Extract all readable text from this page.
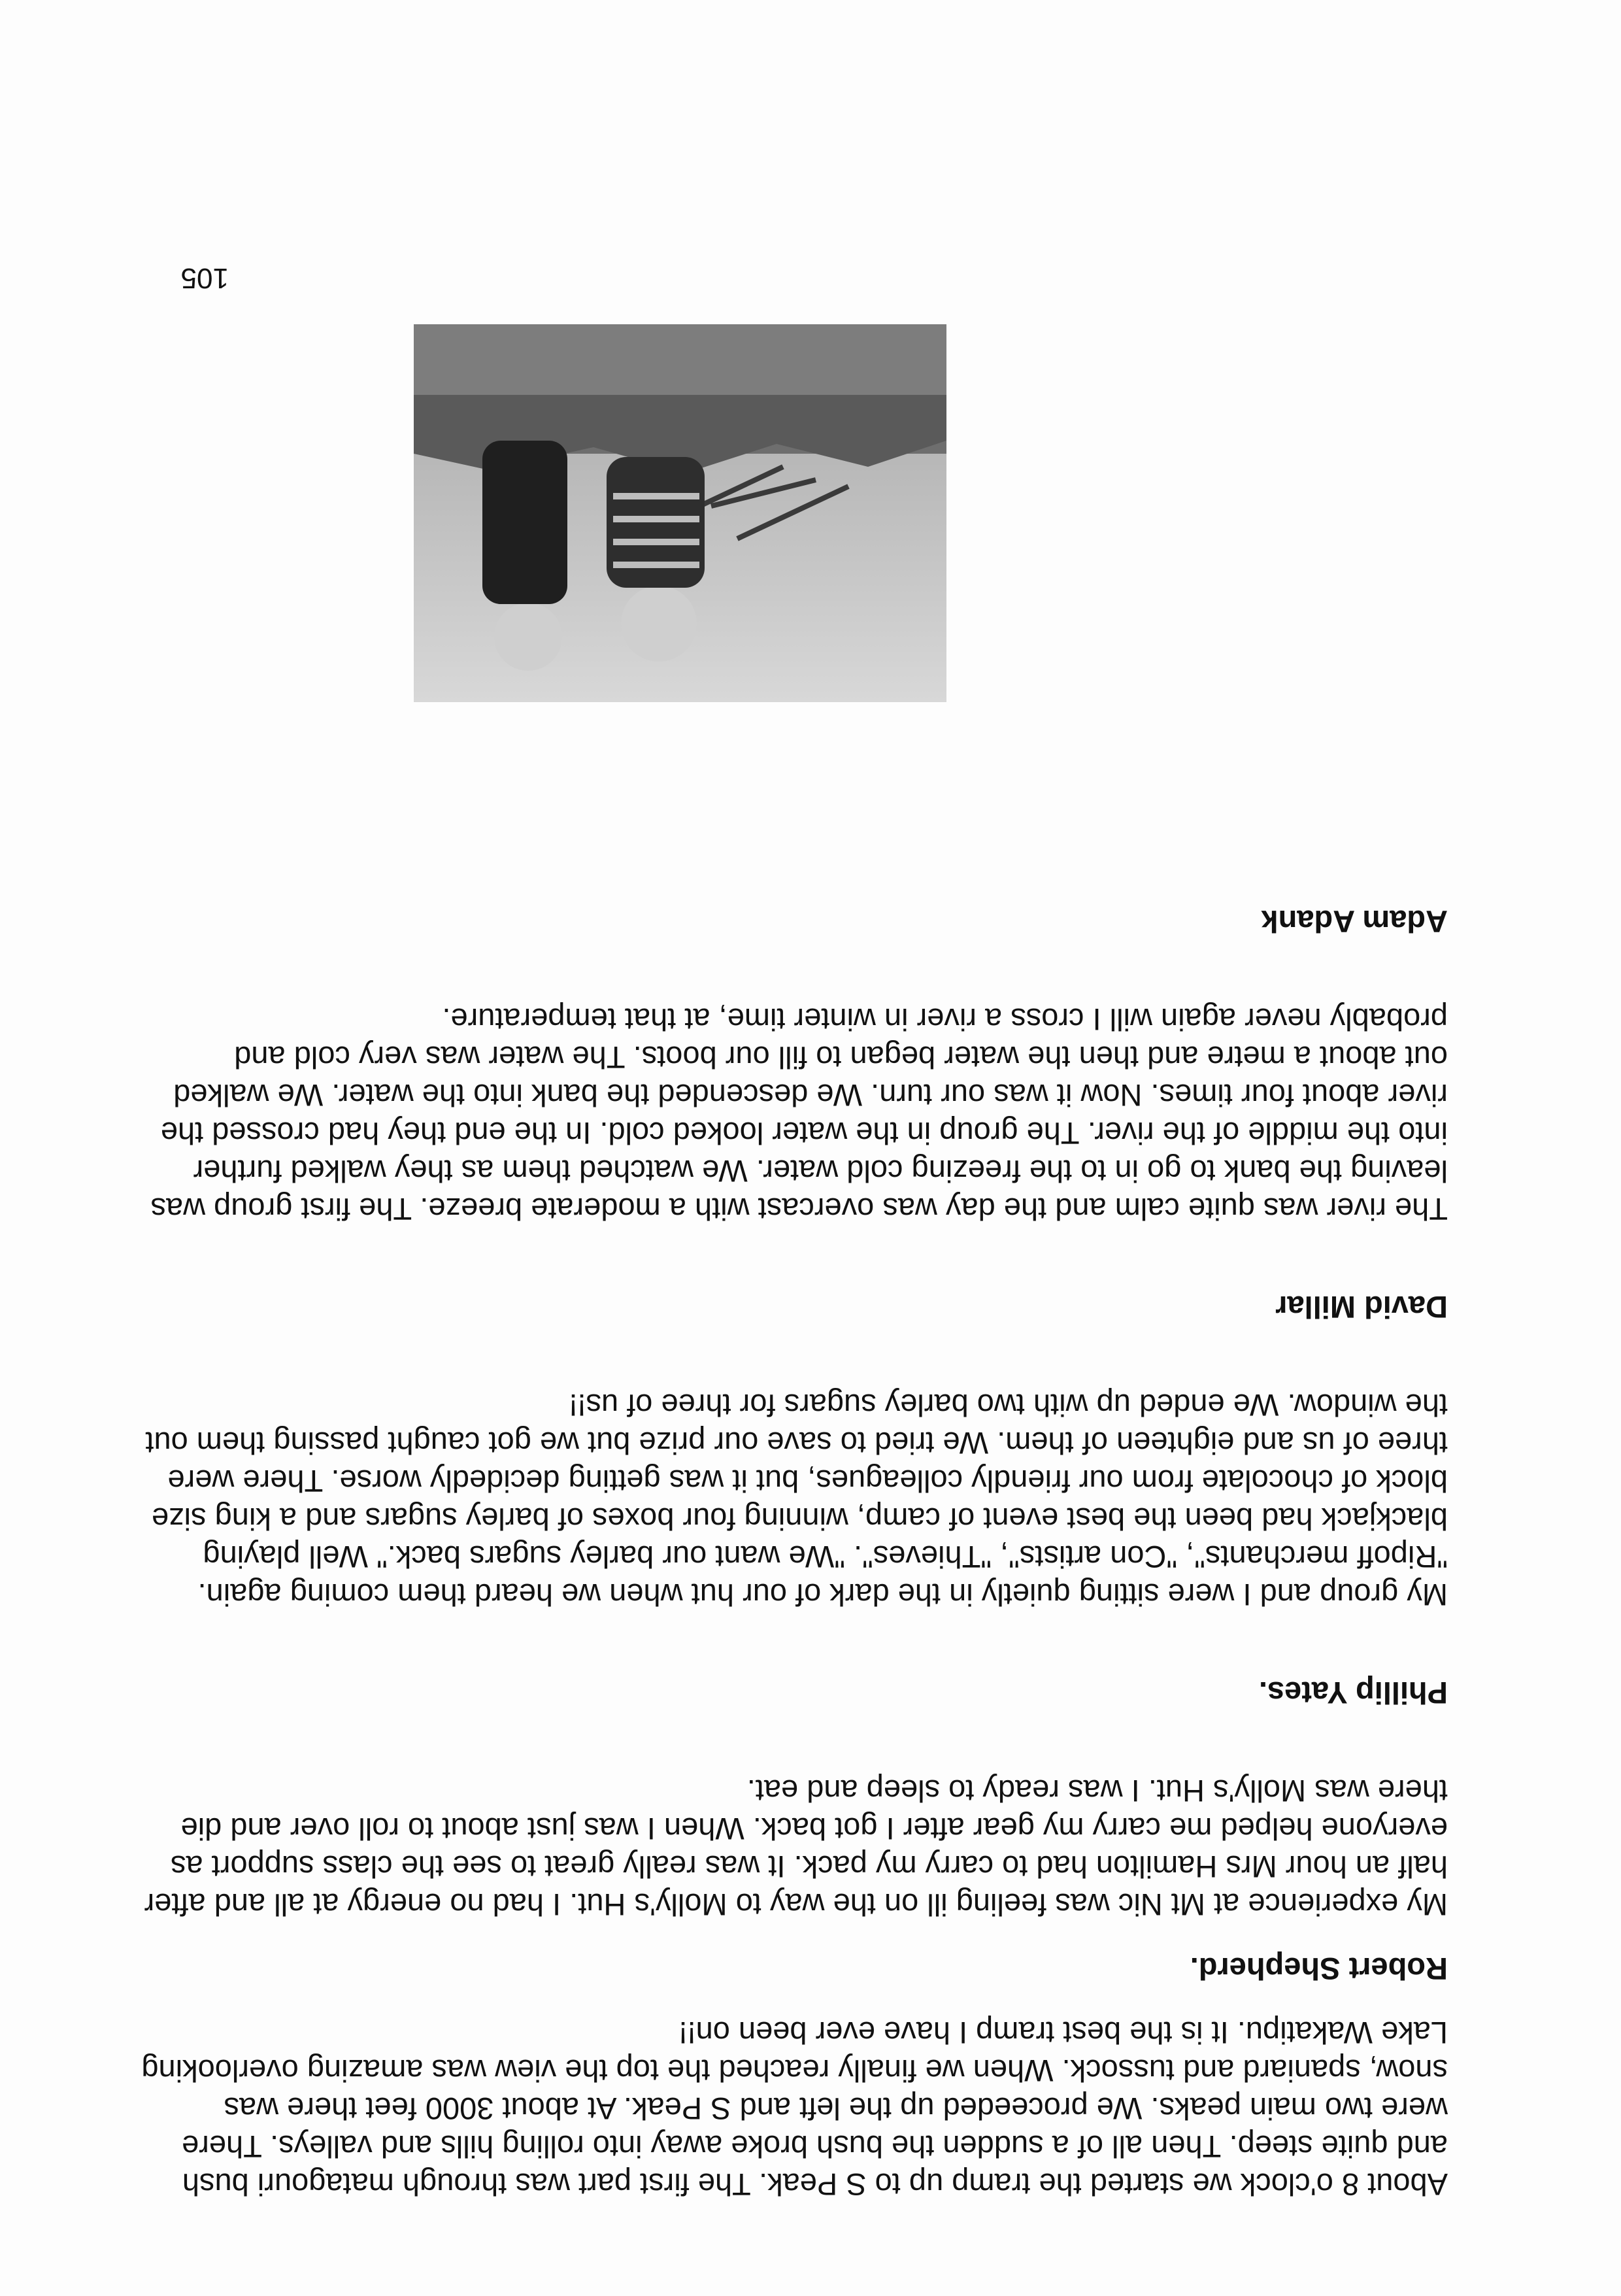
About 8 o'clock we started the tramp up to S Peak. The first part was through matagouri bush and quite steep. Then all of a sudden the bush broke away into rolling hills and valleys. There were two main peaks. We proceeded up the left and S Peak. At about 3000 feet there was snow, spaniard and tussock. When we finally reached the top the view was amazing overlooking Lake Wakatipu. It is the best tramp I have ever been on!!

Robert Shepherd.

My experience at Mt Nic was feeling ill on the way to Molly's Hut. I had no energy at all and after half an hour Mrs Hamilton had to carry my pack. It was really great to see the class support as everyone helped me carry my gear after I got back. When I was just about to roll over and die there was Molly's Hut. I was ready to sleep and eat.

Phillip Yates.

My group and I were sitting quietly in the dark of our hut when we heard them coming again. "Ripoff merchants", "Con artists", "Thieves". "We want our barley sugars back." Well playing blackjack had been the best event of camp, winning four boxes of barley sugars and a king size block of chocolate from our friendly colleagues, but it was getting decidedly worse. There were three of us and eighteen of them. We tried to save our prize but we got caught passing them out the window. We ended up with two barley sugars for three of us!!

David Millar

The river was quite calm and the day was overcast with a moderate breeze. The first group was leaving the bank to go in to the freezing cold water. We watched them as they walked further into the middle of the river. The group in the water looked cold. In the end they had crossed the river about four times. Now it was our turn. We descended the bank into the water. We walked out about a metre and then the water began to fill our boots. The water was very cold and probably never again will I cross a river in winter time, at that temperature.

Adam Adank

105
